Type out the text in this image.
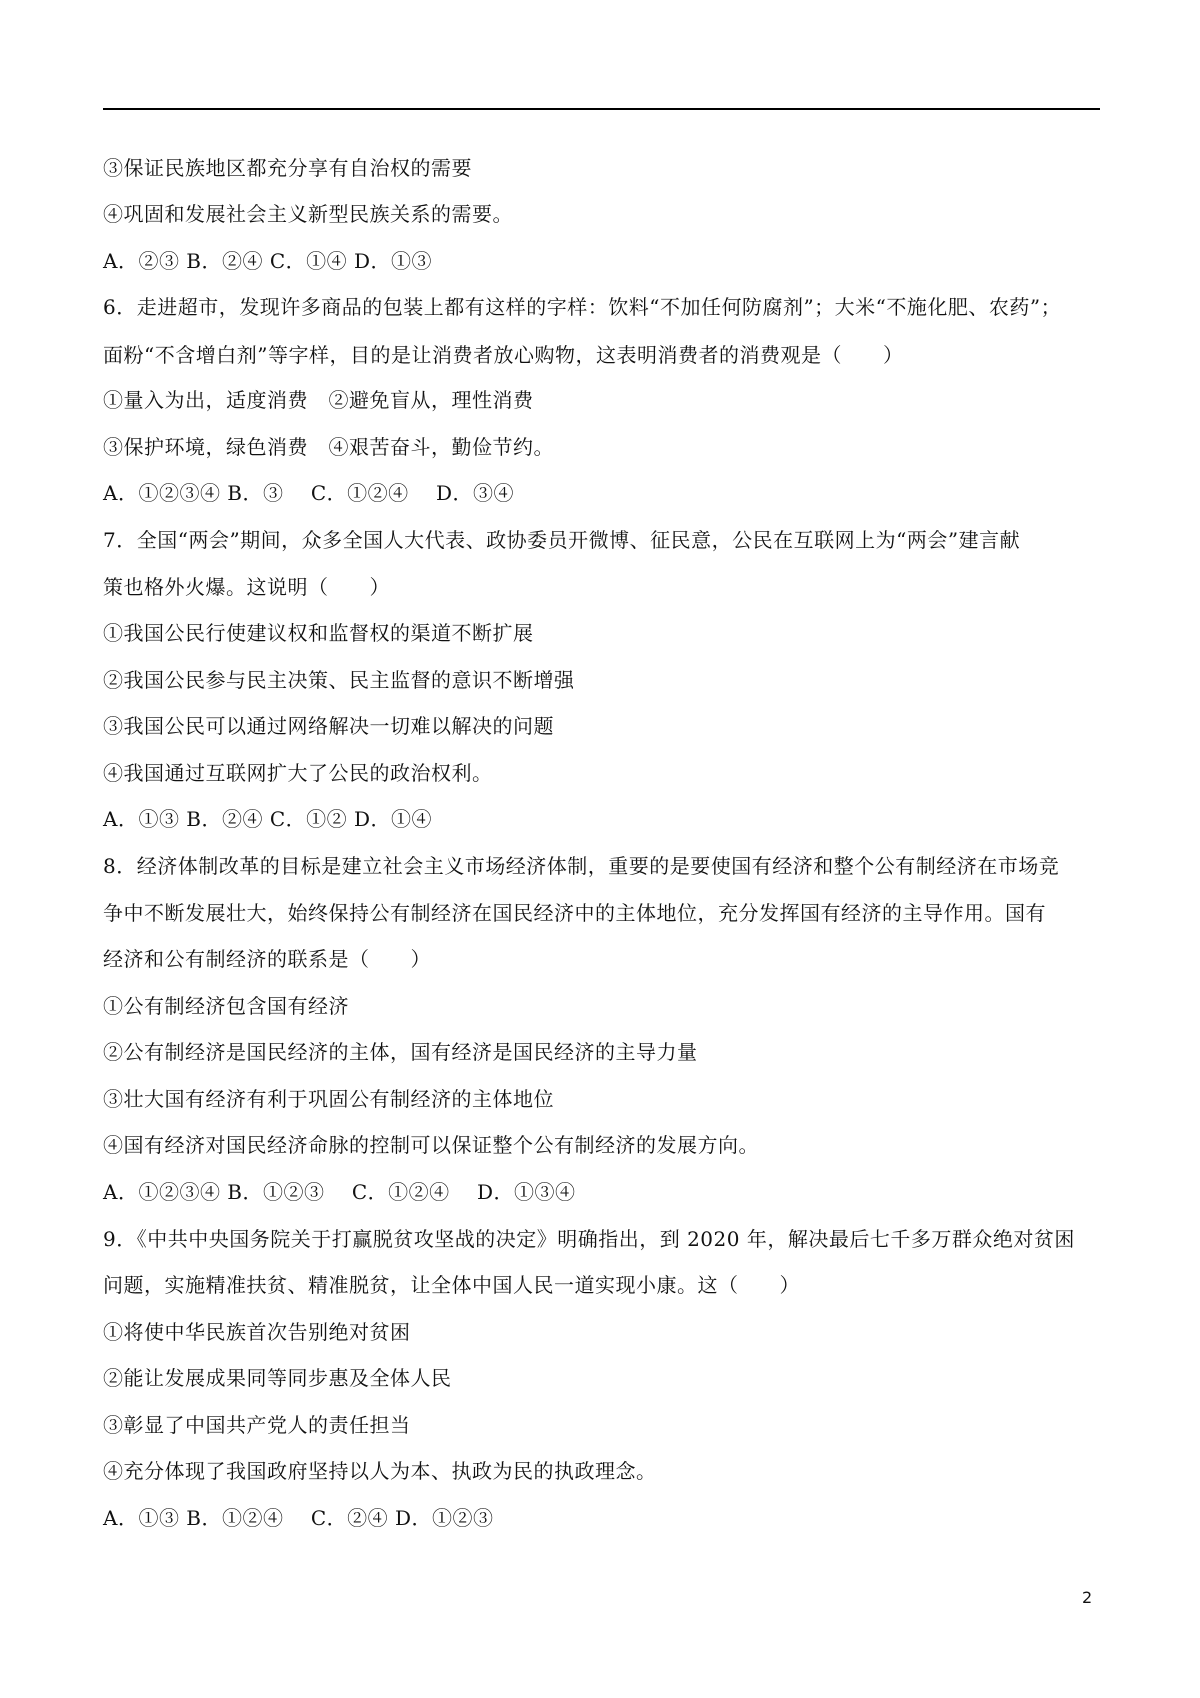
③保证民族地区都充分享有自治权的需要
④巩固和发展社会主义新型民族关系的需要。
A．②③ B．②④ C．①④ D．①③
6．走进超市，发现许多商品的包装上都有这样的字样：饮料“不加任何防腐剂”；大米“不施化肥、农药”；
面粉“不含增白剂”等字样，目的是让消费者放心购物，这表明消费者的消费观是（　　）
①量入为出，适度消费　②避免盲从，理性消费
③保护环境，绿色消费　④艰苦奋斗，勤俭节约。
A．①②③④ B．③　 C．①②④　 D．③④
7．全国“两会”期间，众多全国人大代表、政协委员开微博、征民意，公民在互联网上为“两会”建言献
策也格外火爆。这说明（　　）
①我国公民行使建议权和监督权的渠道不断扩展
②我国公民参与民主决策、民主监督的意识不断增强
③我国公民可以通过网络解决一切难以解决的问题
④我国通过互联网扩大了公民的政治权利。
A．①③ B．②④ C．①② D．①④
8．经济体制改革的目标是建立社会主义市场经济体制，重要的是要使国有经济和整个公有制经济在市场竞
争中不断发展壮大，始终保持公有制经济在国民经济中的主体地位，充分发挥国有经济的主导作用。国有
经济和公有制经济的联系是（　　）
①公有制经济包含国有经济
②公有制经济是国民经济的主体，国有经济是国民经济的主导力量
③壮大国有经济有利于巩固公有制经济的主体地位
④国有经济对国民经济命脉的控制可以保证整个公有制经济的发展方向。
A．①②③④ B．①②③　 C．①②④　 D．①③④
9．《中共中央国务院关于打赢脱贫攻坚战的决定》明确指出，到 2020 年，解决最后七千多万群众绝对贫困
问题，实施精准扶贫、精准脱贫，让全体中国人民一道实现小康。这（　　）
①将使中华民族首次告别绝对贫困
②能让发展成果同等同步惠及全体人民
③彰显了中国共产党人的责任担当
④充分体现了我国政府坚持以人为本、执政为民的执政理念。
A．①③ B．①②④　 C．②④ D．①②③
2
